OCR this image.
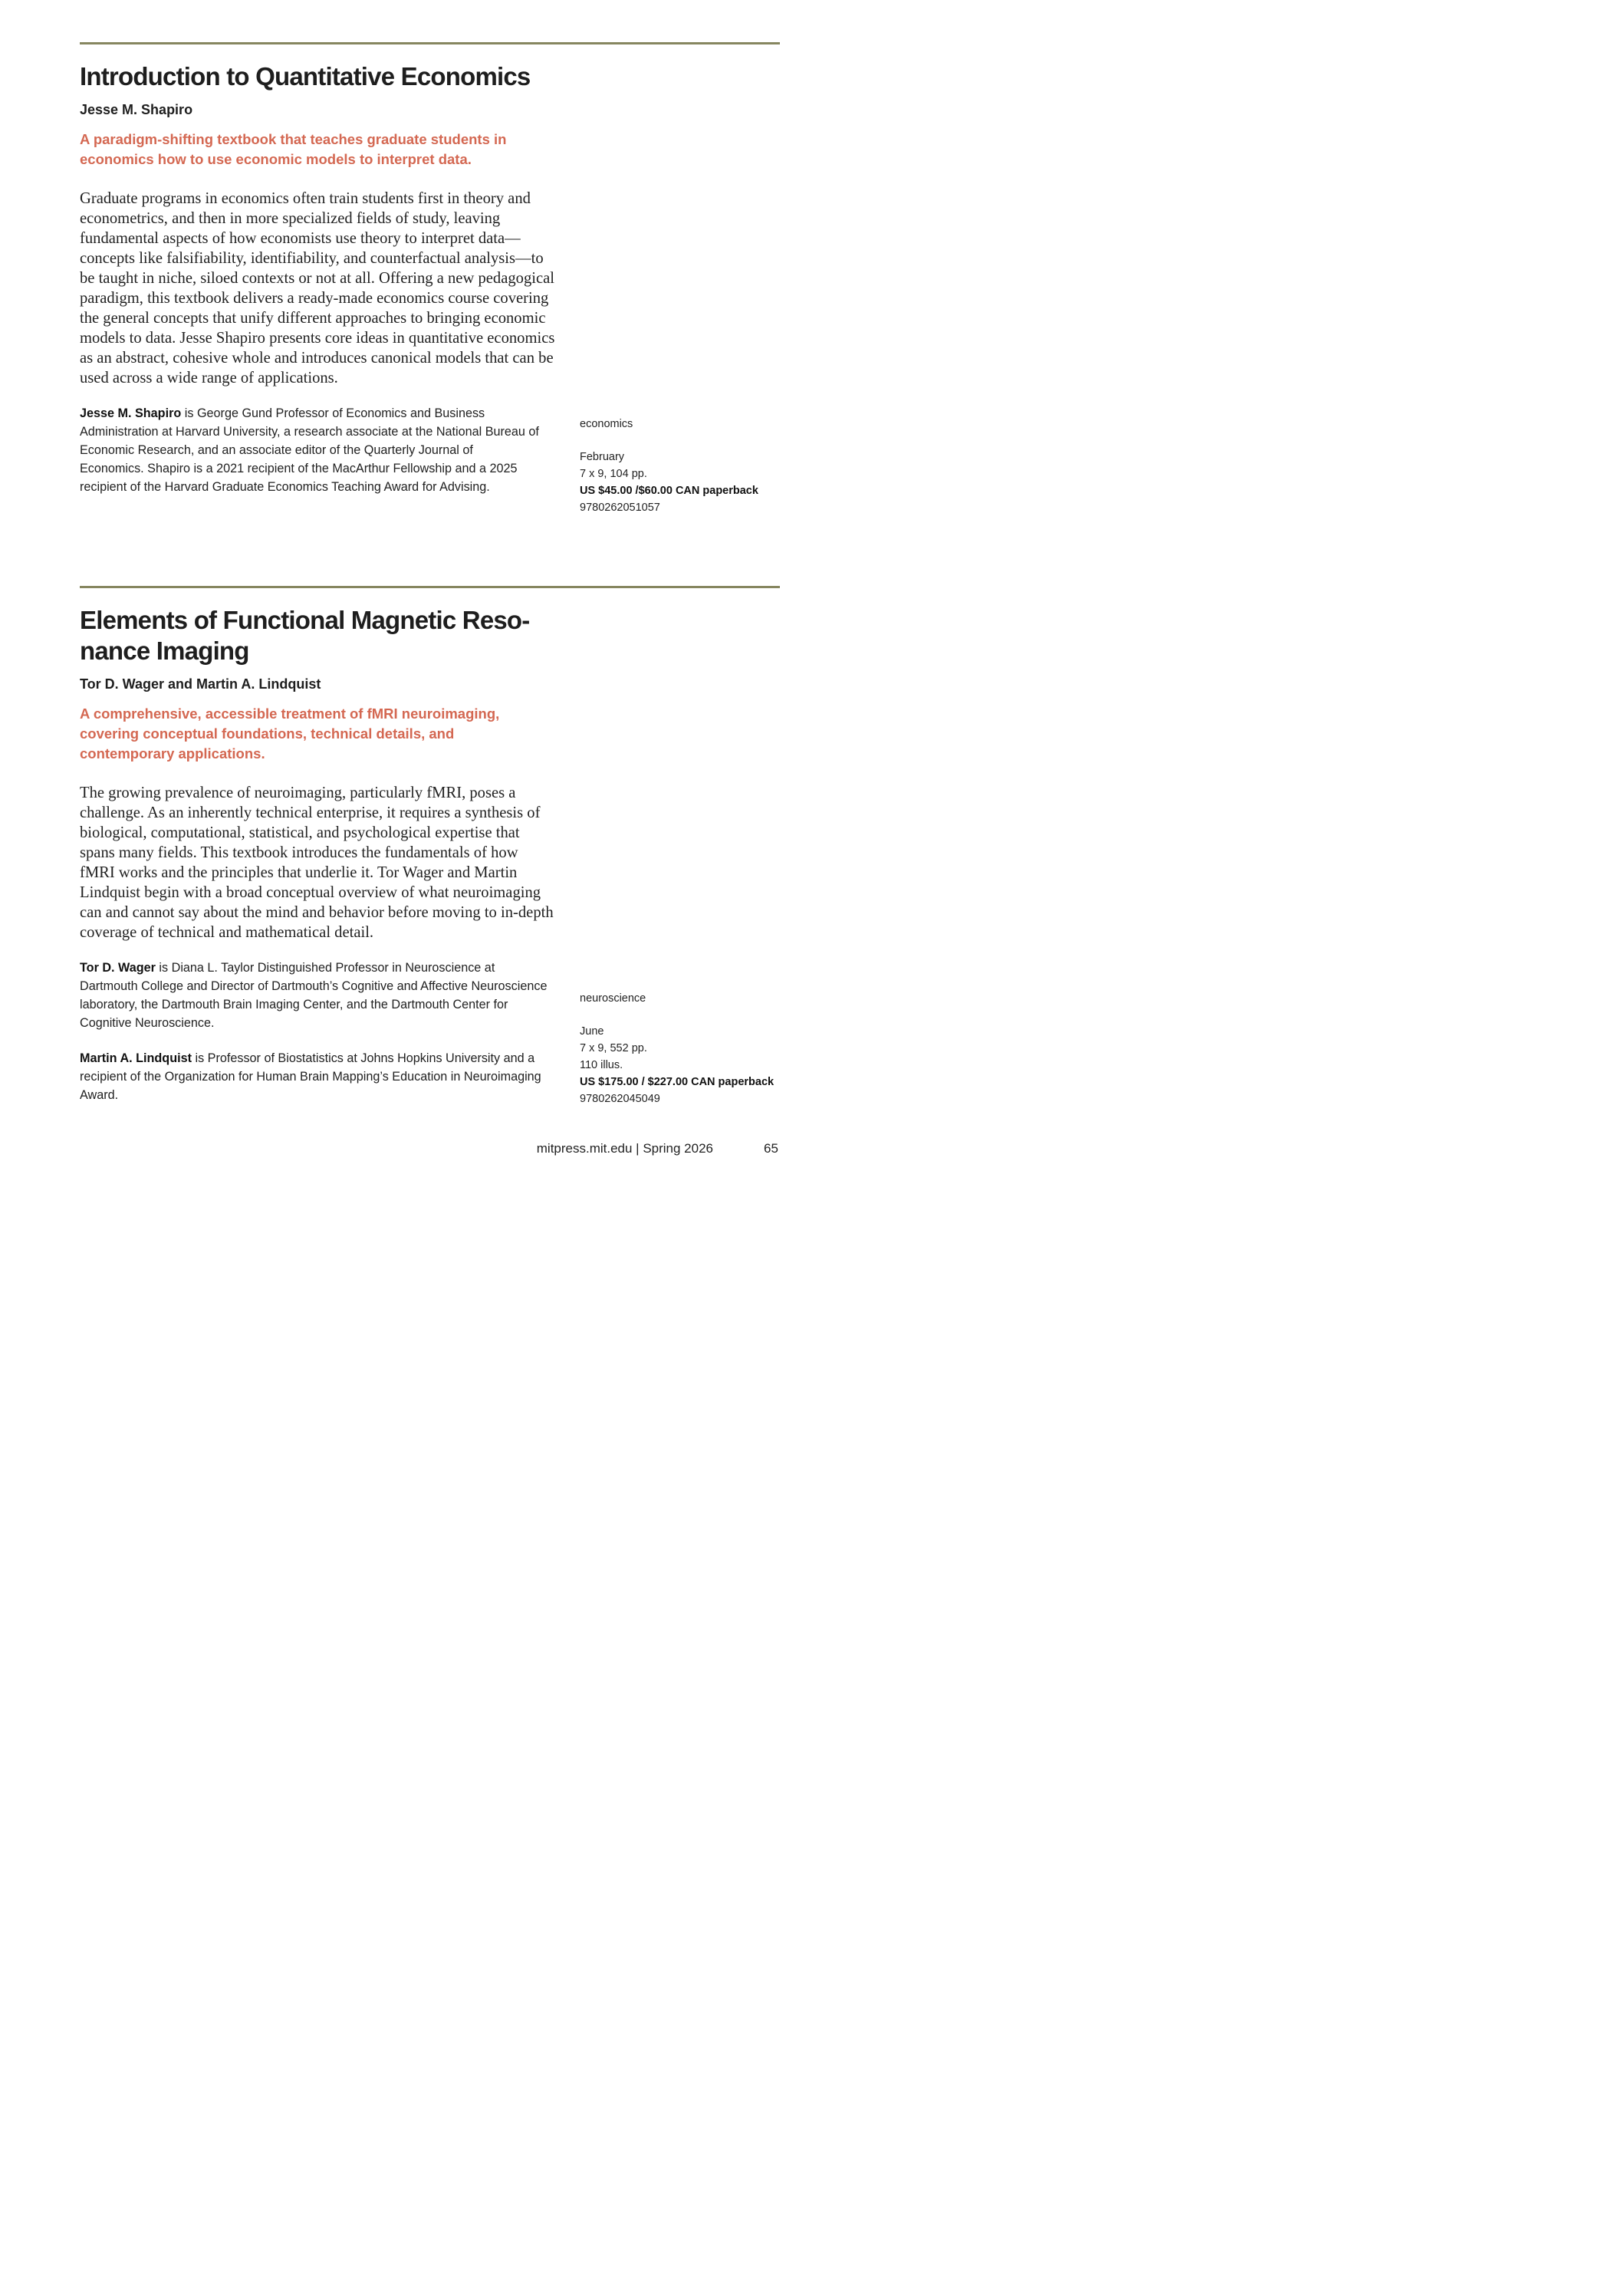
Introduction to Quantitative Economics

Jesse M. Shapiro

A paradigm-shifting textbook that teaches graduate students in economics how to use economic models to interpret data.

Graduate programs in economics often train students first in theory and econometrics, and then in more specialized fields of study, leaving fundamental aspects of how economists use theory to interpret data—concepts like falsifiability, identifiability, and counterfactual analysis—to be taught in niche, siloed contexts or not at all. Offering a new pedagogical paradigm, this textbook delivers a ready-made economics course covering the general concepts that unify different approaches to bringing economic models to data. Jesse Shapiro presents core ideas in quantitative economics as an abstract, cohesive whole and introduces canonical models that can be used across a wide range of applications.

Jesse M. Shapiro is George Gund Professor of Economics and Business Administration at Harvard University, a research associate at the National Bureau of Economic Research, and an associate editor of the Quarterly Journal of Economics. Shapiro is a 2021 recipient of the MacArthur Fellowship and a 2025 recipient of the Harvard Graduate Economics Teaching Award for Advising.

economics
February
7 x 9, 104 pp.
US $45.00 /$60.00 CAN paperback
9780262051057
Elements of Functional Magnetic Reso-
nance Imaging

Tor D. Wager and Martin A. Lindquist

A comprehensive, accessible treatment of fMRI neuroimaging, covering conceptual foundations, technical details, and contemporary applications.

The growing prevalence of neuroimaging, particularly fMRI, poses a challenge. As an inherently technical enterprise, it requires a synthesis of biological, computational, statistical, and psychological expertise that spans many fields. This textbook introduces the fundamentals of how fMRI works and the principles that underlie it. Tor Wager and Martin Lindquist begin with a broad conceptual overview of what neuroimaging can and cannot say about the mind and behavior before moving to in-depth coverage of technical and mathematical detail.

Tor D. Wager is Diana L. Taylor Distinguished Professor in Neuroscience at Dartmouth College and Director of Dartmouth’s Cognitive and Affective Neuroscience laboratory, the Dartmouth Brain Imaging Center, and the Dartmouth Center for Cognitive Neuroscience.

Martin A. Lindquist is Professor of Biostatistics at Johns Hopkins University and a recipient of the Organization for Human Brain Mapping’s Education in Neuroimaging Award.

neuroscience
June
7 x 9, 552 pp.
110 illus.
US $175.00 / $227.00 CAN paperback
9780262045049
mitpress.mit.edu | Spring 2026	65
